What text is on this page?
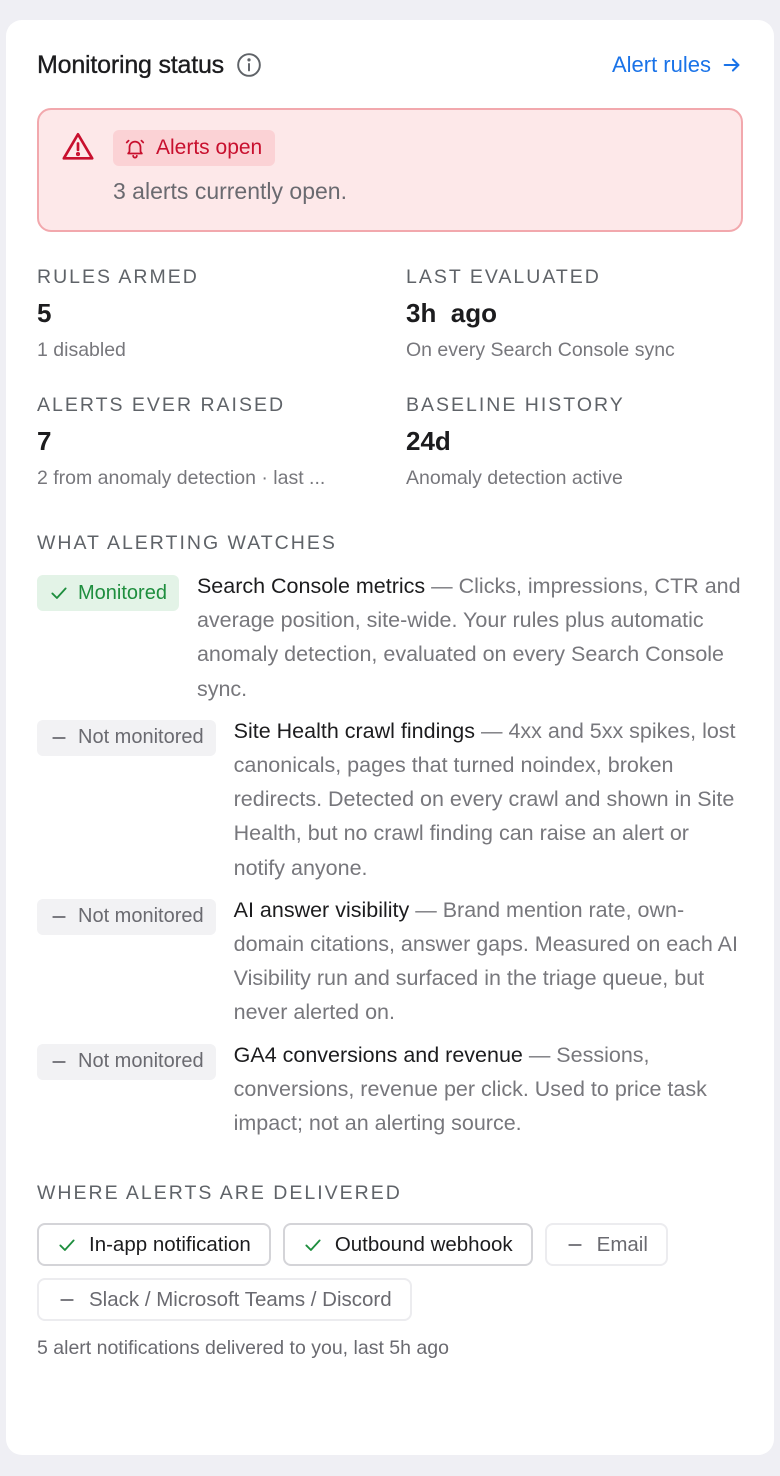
Monitoring status	Alert rules
Alerts open
3 alerts currently open.
RULES ARMED
5
1 disabled
LAST EVALUATED
3h  ago
On every Search Console sync
ALERTS EVER RAISED
7
2 from anomaly detection · last ...
BASELINE HISTORY
24d
Anomaly detection active
WHAT ALERTING WATCHES
Monitored Search Console metrics — Clicks, impressions, CTR and average position, site-wide. Your rules plus automatic anomaly detection, evaluated on every Search Console sync.
Not monitored Site Health crawl findings — 4xx and 5xx spikes, lost canonicals, pages that turned noindex, broken redirects. Detected on every crawl and shown in Site Health, but no crawl finding can raise an alert or notify anyone.
Not monitored AI answer visibility — Brand mention rate, own-domain citations, answer gaps. Measured on each AI Visibility run and surfaced in the triage queue, but never alerted on.
Not monitored GA4 conversions and revenue — Sessions, conversions, revenue per click. Used to price task impact; not an alerting source.
WHERE ALERTS ARE DELIVERED
In-app notification	Outbound webhook	Email
Slack / Microsoft Teams / Discord
5 alert notifications delivered to you, last 5h ago
